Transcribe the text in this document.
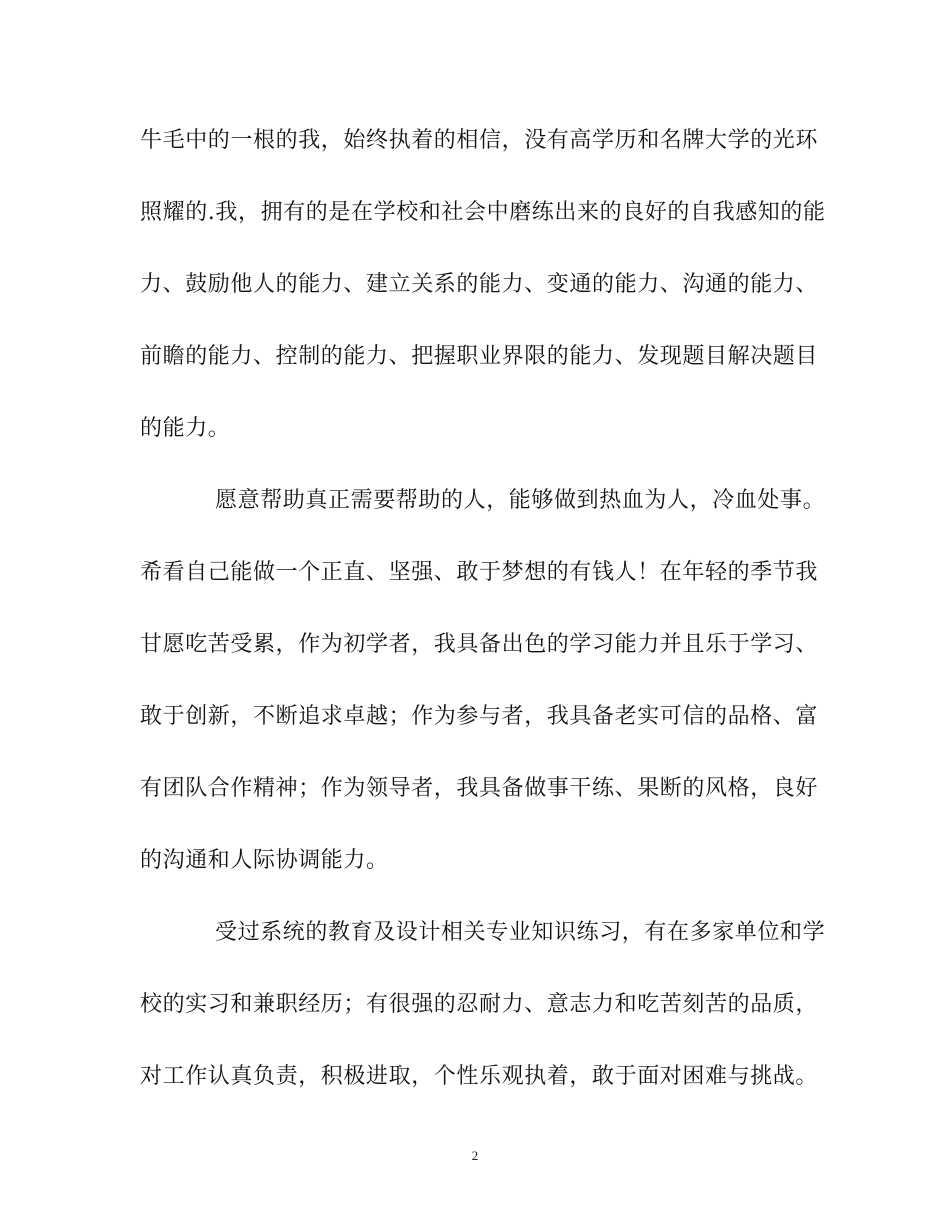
牛毛中的一根的我，始终执着的相信，没有高学历和名牌大学的光环
照耀的.我，拥有的是在学校和社会中磨练出来的良好的自我感知的能
力、鼓励他人的能力、建立关系的能力、变通的能力、沟通的能力、
前瞻的能力、控制的能力、把握职业界限的能力、发现题目解决题目
的能力。
愿意帮助真正需要帮助的人，能够做到热血为人，冷血处事。
希看自己能做一个正直、坚强、敢于梦想的有钱人！在年轻的季节我
甘愿吃苦受累，作为初学者，我具备出色的学习能力并且乐于学习、
敢于创新，不断追求卓越；作为参与者，我具备老实可信的品格、富
有团队合作精神；作为领导者，我具备做事干练、果断的风格，良好
的沟通和人际协调能力。
受过系统的教育及设计相关专业知识练习，有在多家单位和学
校的实习和兼职经历；有很强的忍耐力、意志力和吃苦刻苦的品质，
对工作认真负责，积极进取，个性乐观执着，敢于面对困难与挑战。
2
